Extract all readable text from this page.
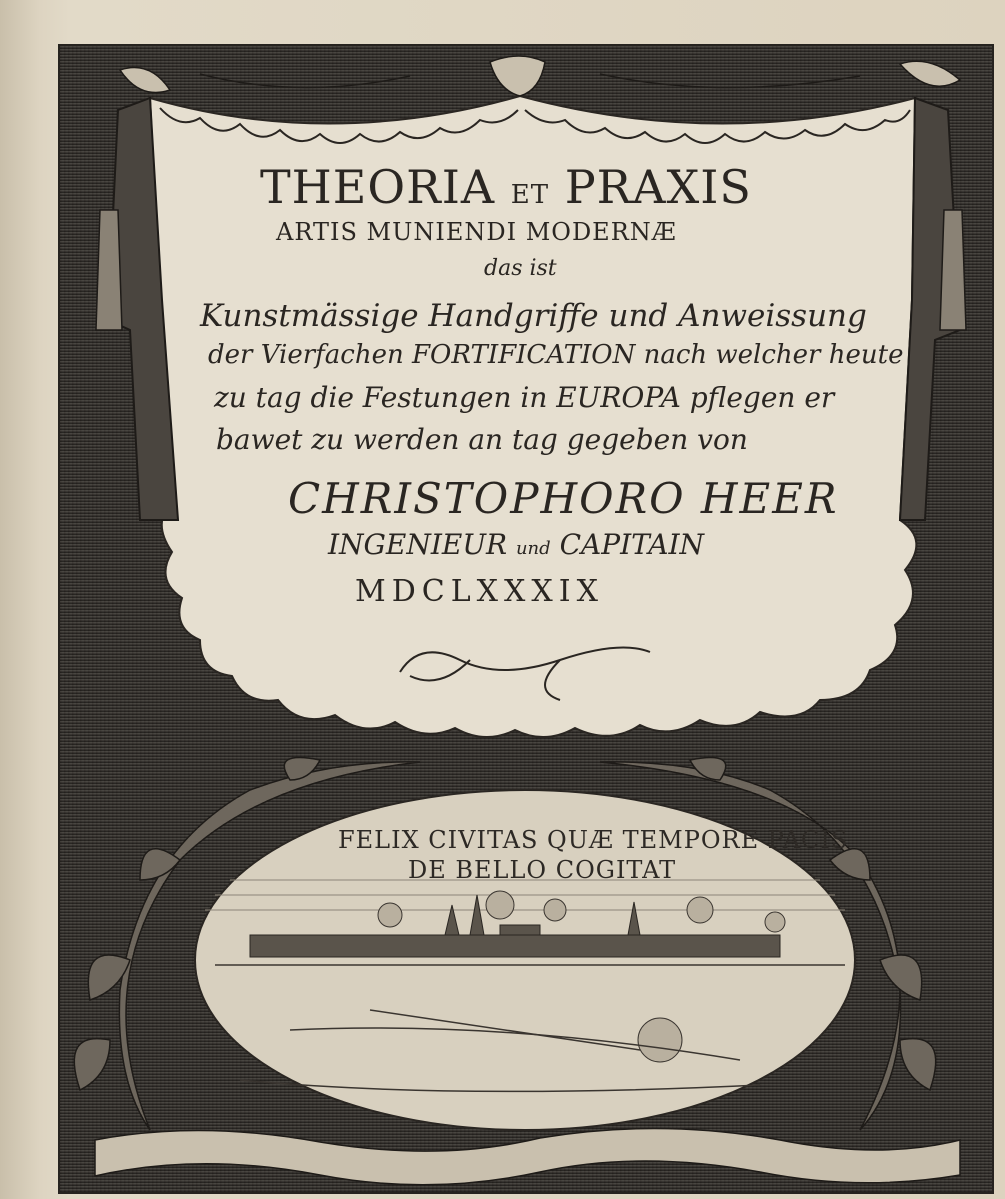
THEORIA ET PRAXIS
ARTIS MUNIENDI MODERNÆ
das ist
Kunstmässige Handgriffe und Anweissung
der Vierfachen FORTIFICATION nach welcher heute
zu tag die Festungen in EUROPA pflegen er
bawet zu werden an tag gegeben von
CHRISTOPHORO HEER
INGENIEUR und CAPITAIN
MDCLXXXIX
FELIX CIVITAS QUÆ TEMPORE PACIS
DE BELLO COGITAT
